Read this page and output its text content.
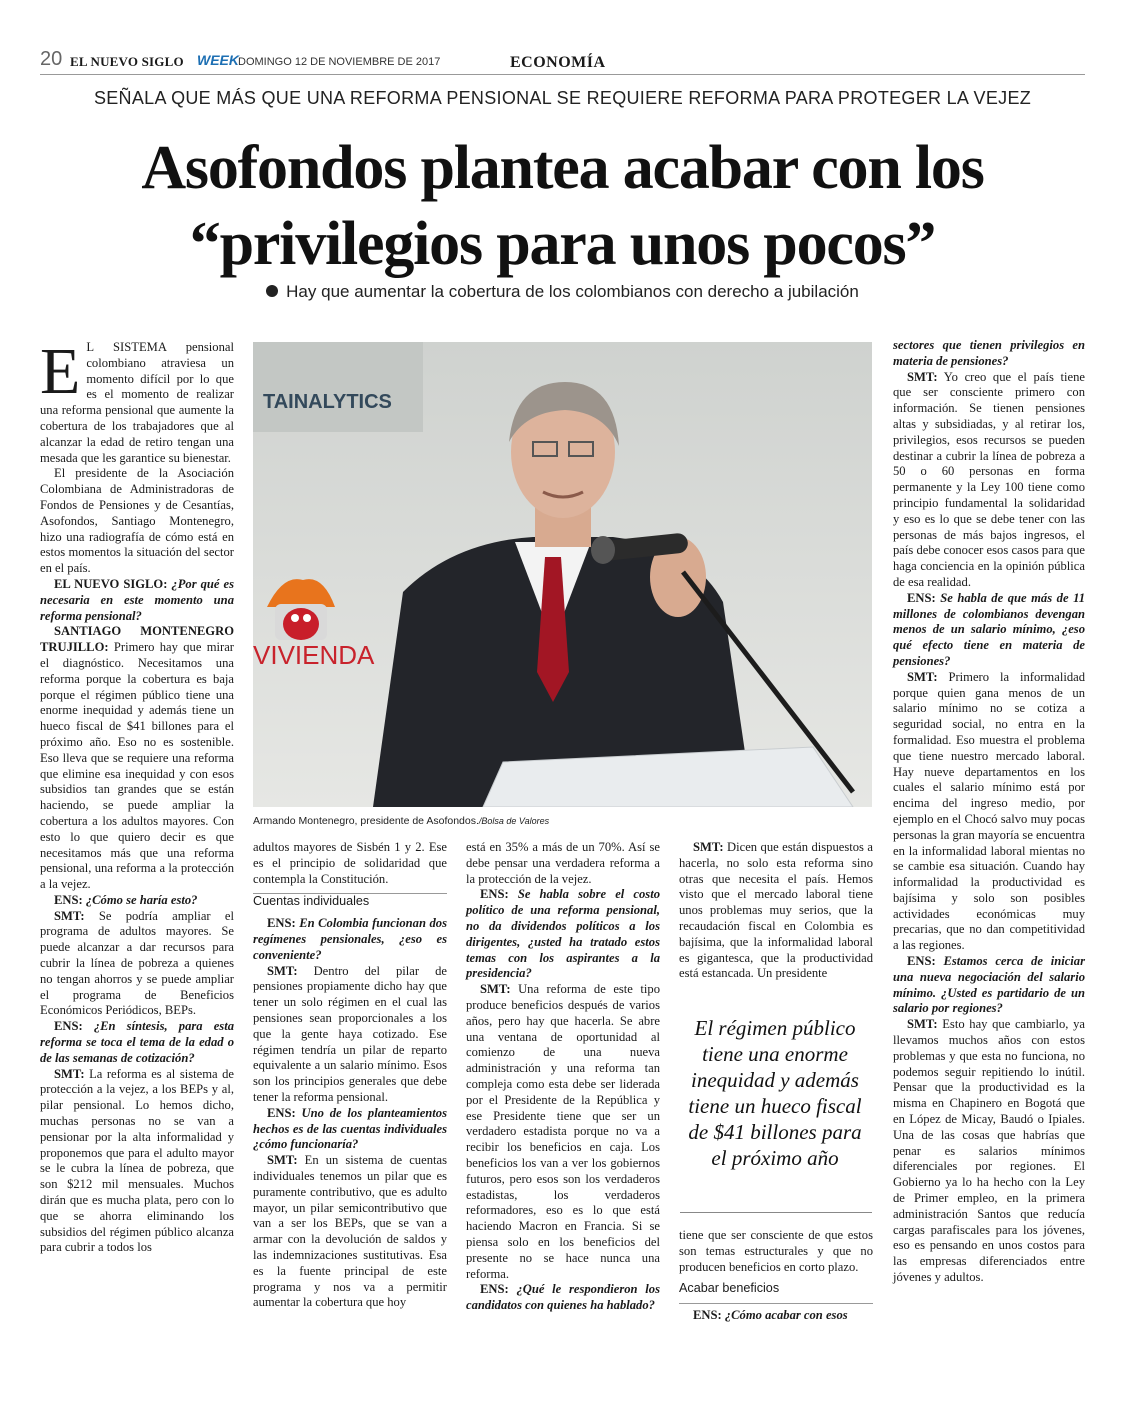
20 EL NUEVO SIGLO WEEK DOMINGO 12 DE NOVIEMBRE DE 2017	ECONOMÍA
SEÑALA QUE MÁS QUE UNA REFORMA PENSIONAL SE REQUIERE REFORMA PARA PROTEGER LA VEJEZ
Asofondos plantea acabar con los
“privilegios para unos pocos”
Hay que aumentar la cobertura de los colombianos con derecho a jubilación
TAINALYTICS
VIVIENDA
Armando Montenegro, presidente de Asofondos./Bolsa de Valores

E L SISTEMA pensional colombiano atraviesa un momento difícil por lo que es el momento de realizar una reforma pensional que aumente la cobertura de los trabajadores que al alcanzar la edad de retiro tengan una mesada que les garantice su bienestar.

El presidente de la Asociación Colombiana de Administradoras de Fondos de Pensiones y de Cesantías, Asofondos, Santiago Montenegro, hizo una radiografía de cómo está en estos momentos la situación del sector en el país.

EL NUEVO SIGLO: ¿Por qué es necesaria en este momento una reforma pensional?

SANTIAGO MONTENEGRO TRUJILLO: Primero hay que mirar el diagnóstico. Necesitamos una reforma porque la cobertura es baja porque el régimen público tiene una enorme inequidad y además tiene un hueco fiscal de $41 billones para el próximo año. Eso no es sostenible. Eso lleva que se requiere una reforma que elimine esa inequidad y con esos subsidios tan grandes que se están haciendo, se puede ampliar la cobertura a los adultos mayores. Con esto lo que quiero decir es que necesitamos más que una reforma pensional, una reforma a la protección a la vejez.

ENS: ¿Cómo se haría esto?

SMT: Se podría ampliar el programa de adultos mayores. Se puede alcanzar a dar recursos para cubrir la línea de pobreza a quienes no tengan ahorros y se puede ampliar el programa de Beneficios Económicos Periódicos, BEPs.

ENS: ¿En síntesis, para esta reforma se toca el tema de la edad o de las semanas de cotización?

SMT: La reforma es al sistema de protección a la vejez, a los BEPs y al, pilar pensional. Lo hemos dicho, muchas personas no se van a pensionar por la alta informalidad y proponemos que para el adulto mayor se le cubra la línea de pobreza, que son $212 mil mensuales. Muchos dirán que es mucha plata, pero con lo que se ahorra eliminando los subsidios del régimen público alcanza para cubrir a todos los

adultos mayores de Sisbén 1 y 2. Ese es el principio de solidaridad que contempla la Constitución.

Cuentas individuales

ENS: En Colombia funcionan dos regímenes pensionales, ¿eso es conveniente?

SMT: Dentro del pilar de pensiones propiamente dicho hay que tener un solo régimen en el cual las pensiones sean proporcionales a los que la gente haya cotizado. Ese régimen tendría un pilar de reparto equivalente a un salario mínimo. Esos son los principios generales que debe tener la reforma pensional.

ENS: Uno de los planteamientos hechos es de las cuentas individuales ¿cómo funcionaría?

SMT: En un sistema de cuentas individuales tenemos un pilar que es puramente contributivo, que es adulto mayor, un pilar semicontributivo que van a ser los BEPs, que se van a armar con la devolución de saldos y las indemnizaciones sustitutivas. Esa es la fuente principal de este programa y nos va a permitir aumentar la cobertura que hoy

está en 35% a más de un 70%. Así se debe pensar una verdadera reforma a la protección de la vejez.

ENS: Se habla sobre el costo político de una reforma pensional, no da dividendos políticos a los dirigentes, ¿usted ha tratado estos temas con los aspirantes a la presidencia?

SMT: Una reforma de este tipo produce beneficios después de varios años, pero hay que hacerla. Se abre una ventana de oportunidad al comienzo de una nueva administración y una reforma tan compleja como esta debe ser liderada por el Presidente de la República y ese Presidente tiene que ser un verdadero estadista porque no va a recibir los beneficios en caja. Los beneficios los van a ver los gobiernos futuros, pero esos son los verdaderos estadistas, los verdaderos reformadores, eso es lo que está haciendo Macron en Francia. Si se piensa solo en los beneficios del presente no se hace nunca una reforma.

ENS: ¿Qué le respondieron los candidatos con quienes ha hablado?

SMT: Dicen que están dispuestos a hacerla, no solo esta reforma sino otras que necesita el país. Hemos visto que el mercado laboral tiene unos problemas muy serios, que la recaudación fiscal en Colombia es bajísima, que la informalidad laboral es gigantesca, que la productividad está estancada. Un presidente

El régimen público tiene una enorme inequidad y además tiene un hueco fiscal de $41 billones para el próximo año

tiene que ser consciente de que estos son temas estructurales y que no producen beneficios en corto plazo.

Acabar beneficios

ENS: ¿Cómo acabar con esos

sectores que tienen privilegios en materia de pensiones?

SMT: Yo creo que el país tiene que ser consciente primero con información. Se tienen pensiones altas y subsidiadas, y al retirar los, privilegios, esos recursos se pueden destinar a cubrir la línea de pobreza a 50 o 60 personas en forma permanente y la Ley 100 tiene como principio fundamental la solidaridad y eso es lo que se debe tener con las personas de más bajos ingresos, el país debe conocer esos casos para que haga conciencia en la opinión pública de esa realidad.

ENS: Se habla de que más de 11 millones de colombianos devengan menos de un salario mínimo, ¿eso qué efecto tiene en materia de pensiones?

SMT: Primero la informalidad porque quien gana menos de un salario mínimo no se cotiza a seguridad social, no entra en la formalidad. Eso muestra el problema que tiene nuestro mercado laboral. Hay nueve departamentos en los cuales el salario mínimo está por encima del ingreso medio, por ejemplo en el Chocó salvo muy pocas personas la gran mayoría se encuentra en la informalidad laboral mientas no se cambie esa situación. Cuando hay informalidad la productividad es bajísima y solo son posibles actividades económicas muy precarias, que no dan competitividad a las regiones.

ENS: Estamos cerca de iniciar una nueva negociación del salario mínimo. ¿Usted es partidario de un salario por regiones?

SMT: Esto hay que cambiarlo, ya llevamos muchos años con estos problemas y que esta no funciona, no podemos seguir repitiendo lo inútil. Pensar que la productividad es la misma en Chapinero en Bogotá que en López de Micay, Baudó o Ipiales. Una de las cosas que habrías que penar es salarios mínimos diferenciales por regiones. El Gobierno ya lo ha hecho con la Ley de Primer empleo, en la primera administración Santos que reducía cargas parafiscales para los jóvenes, eso es pensando en unos costos para las empresas diferenciados entre jóvenes y adultos.
